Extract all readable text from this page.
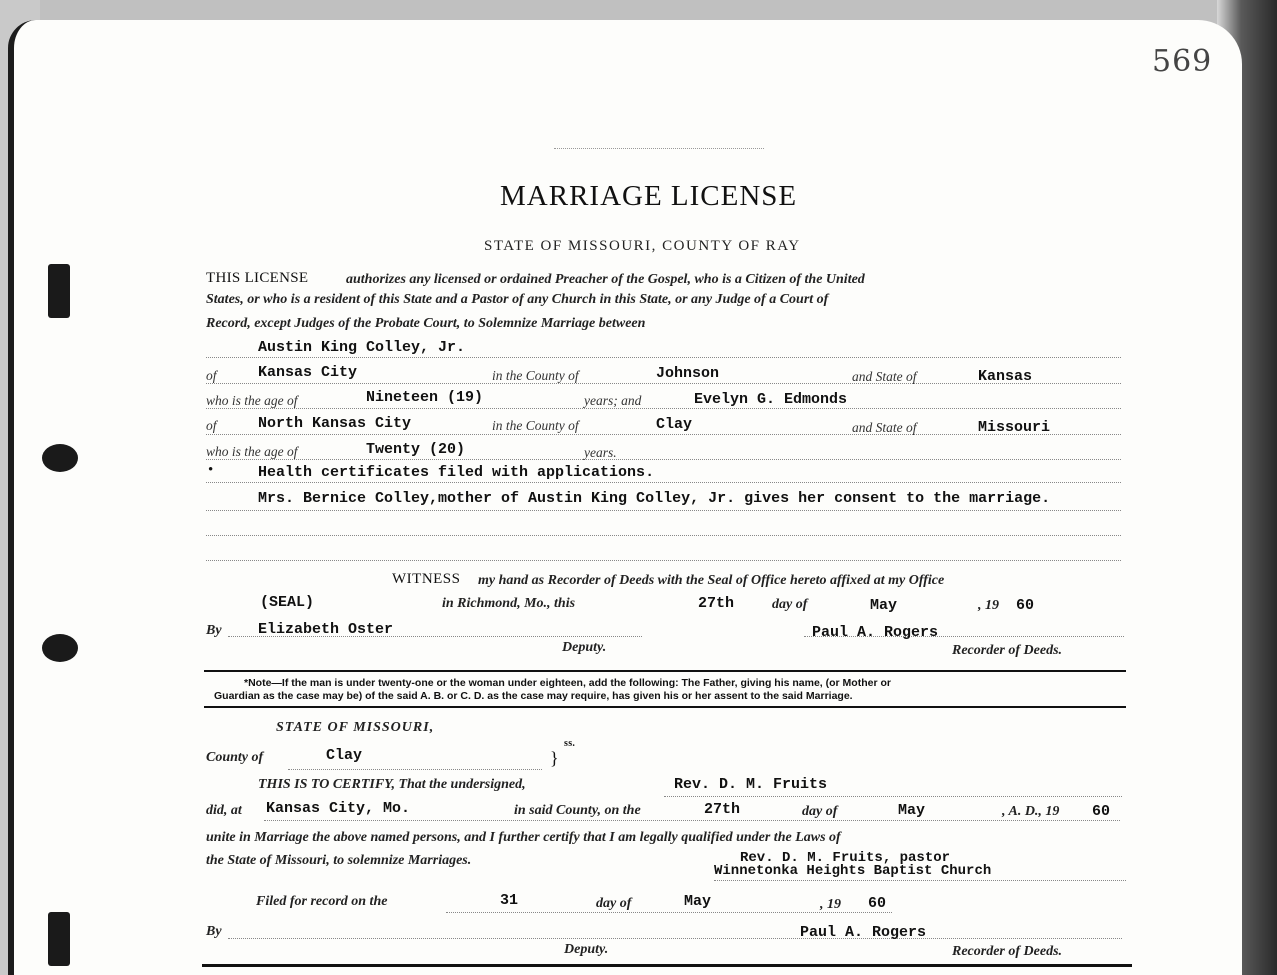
569
MARRIAGE LICENSE
STATE OF MISSOURI, COUNTY OF RAY
THIS LICENSE	authorizes any licensed or ordained Preacher of the Gospel, who is a Citizen of the United
States, or who is a resident of this State and a Pastor of any Church in this State, or any Judge of a Court of
Record, except Judges of the Probate Court, to Solemnize Marriage between
Austin King Colley, Jr.
of	Kansas City	in the County of	Johnson	and State of	Kansas
who is the age of	Nineteen (19)	years; and	Evelyn G. Edmonds
of	North Kansas City	in the County of	Clay	and State of	Missouri
who is the age of	Twenty (20)	years.
•	Health certificates filed with applications.
Mrs. Bernice Colley,mother of Austin King Colley, Jr. gives her consent to the marriage.
WITNESS my hand as Recorder of Deeds with the Seal of Office hereto affixed at my Office
(SEAL)	in Richmond, Mo., this	27th	day of	May	, 19 60
By Elizabeth Oster	Paul A. Rogers
Deputy.	Recorder of Deeds.
*Note—If the man is under twenty-one or the woman under eighteen, add the following: The Father, giving his name, (or Mother or
Guardian as the case may be) of the said A. B. or C. D. as the case may require, has given his or her assent to the said Marriage.
STATE OF MISSOURI,
County of	Clay	}
ss.
THIS IS TO CERTIFY, That the undersigned,	Rev. D. M. Fruits
did, at Kansas City, Mo.	in said County, on the	27th	day of	May	, A. D., 19 60
unite in Marriage the above named persons, and I further certify that I am legally qualified under the Laws of
the State of Missouri, to solemnize Marriages.	Rev. D. M. Fruits, pastor
Winnetonka Heights Baptist Church
Filed for record on the	31	day of	May	, 19 60
By	Paul A. Rogers
Deputy.	Recorder of Deeds.
